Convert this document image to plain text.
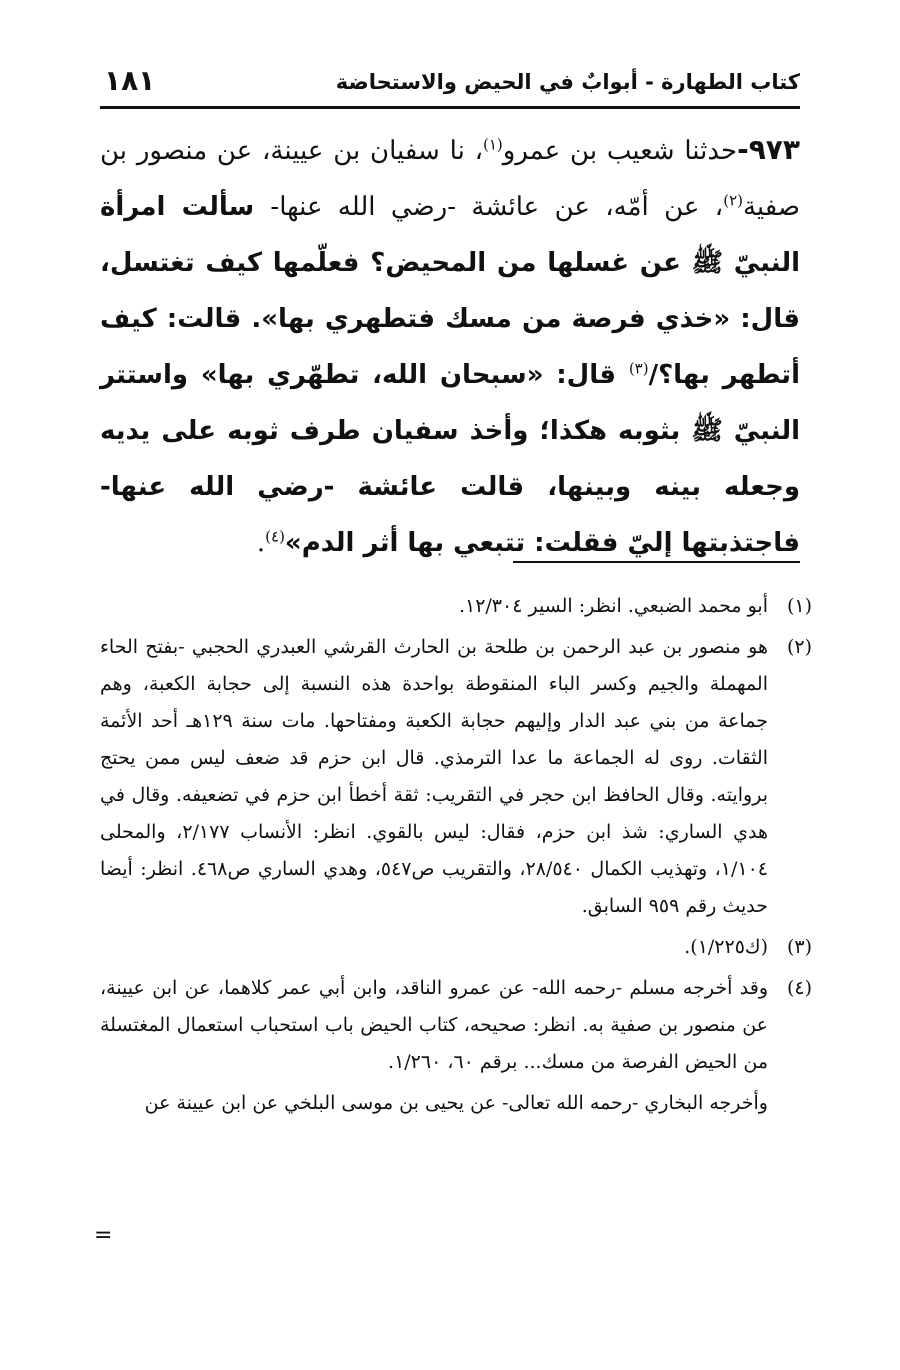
كتاب الطهارة - أبوابٌ في الحيض والاستحاضة
١٨١
٩٧٣-حدثنا شعيب بن عمرو$^{(١)}$، نا سفيان بن عيينة، عن منصور بن صفية$^{(٢)}$، عن أمّه، عن عائشة -رضي الله عنها- سألت امرأة النبيّ ﷺ عن غسلها من المحيض؟ فعلّمها كيف تغتسل، قال: «خذي فرصة من مسك فتطهري بها». قالت: كيف أتطهر بها؟/$^{(٣)}$ قال: «سبحان الله، تطهّري بها» واستتر النبيّ ﷺ بثوبه هكذا؛ وأخذ سفيان طرف ثوبه على يديه وجعله بينه وبينها، قالت عائشة -رضي الله عنها- فاجتذبتها إليّ فقلت: تتبعي بها أثر الدم»$^{(٤)}$.
(١)
أبو محمد الضبعي. انظر: السير ١٢/٣٠٤.
(٢)
هو منصور بن عبد الرحمن بن طلحة بن الحارث القرشي العبدري الحجبي -بفتح الحاء المهملة والجيم وكسر الباء المنقوطة بواحدة هذه النسبة إلى حجابة الكعبة، وهم جماعة من بني عبد الدار وإليهم حجابة الكعبة ومفتاحها. مات سنة ١٢٩هـ أحد الأئمة الثقات. روى له الجماعة ما عدا الترمذي. قال ابن حزم قد ضعف ليس ممن يحتج بروايته. وقال الحافظ ابن حجر في التقريب: ثقة أخطأ ابن حزم في تضعيفه. وقال في هدي الساري: شذ ابن حزم، فقال: ليس بالقوي. انظر: الأنساب ٢/١٧٧، والمحلى ١/١٠٤، وتهذيب الكمال ٢٨/٥٤٠، والتقريب ص٥٤٧، وهدي الساري ص٤٦٨. انظر: أيضا حديث رقم ٩٥٩ السابق.
(٣)
(ك١/٢٢٥).
(٤)
وقد أخرجه مسلم -رحمه الله- عن عمرو الناقد، وابن أبي عمر كلاهما، عن ابن عيينة، عن منصور بن صفية به. انظر: صحيحه، كتاب الحيض باب استحباب استعمال المغتسلة من الحيض الفرصة من مسك... برقم ٦٠، ١/٢٦٠.
وأخرجه البخاري -رحمه الله تعالى- عن يحيى بن موسى البلخي عن ابن عيينة عن
=
